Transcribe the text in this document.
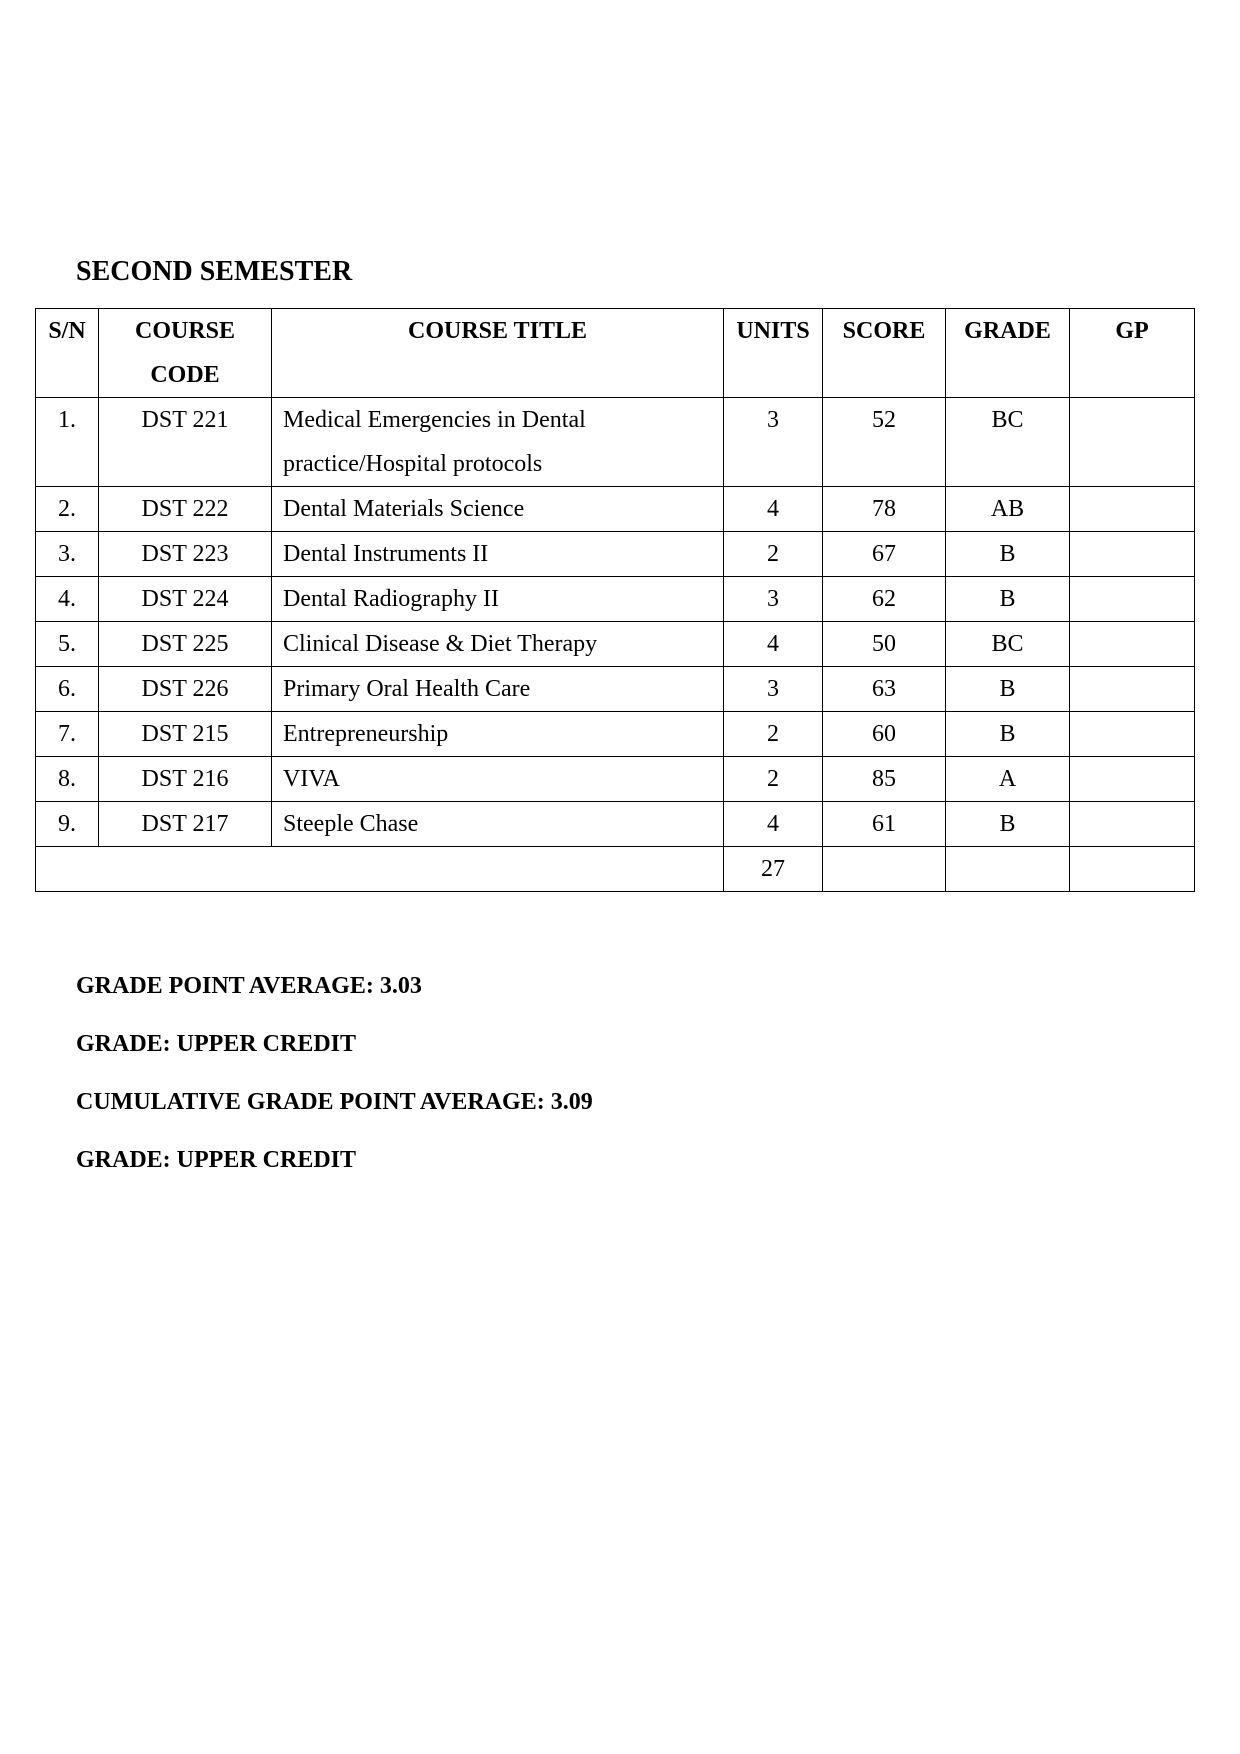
SECOND SEMESTER
S/N	COURSE CODE	COURSE TITLE	UNITS	SCORE	GRADE	GP
1.	DST 221	Medical Emergencies in Dental practice/Hospital protocols	3	52	BC	
2.	DST 222	Dental Materials Science	4	78	AB	
3.	DST 223	Dental Instruments II	2	67	B	
4.	DST 224	Dental Radiography II	3	62	B	
5.	DST 225	Clinical Disease & Diet Therapy	4	50	BC	
6.	DST 226	Primary Oral Health Care	3	63	B	
7.	DST 215	Entrepreneurship	2	60	B	
8.	DST 216	VIVA	2	85	A	
9.	DST 217	Steeple Chase	4	61	B	
			27			

GRADE POINT AVERAGE: 3.03

GRADE: UPPER CREDIT

CUMULATIVE GRADE POINT AVERAGE: 3.09

GRADE: UPPER CREDIT
